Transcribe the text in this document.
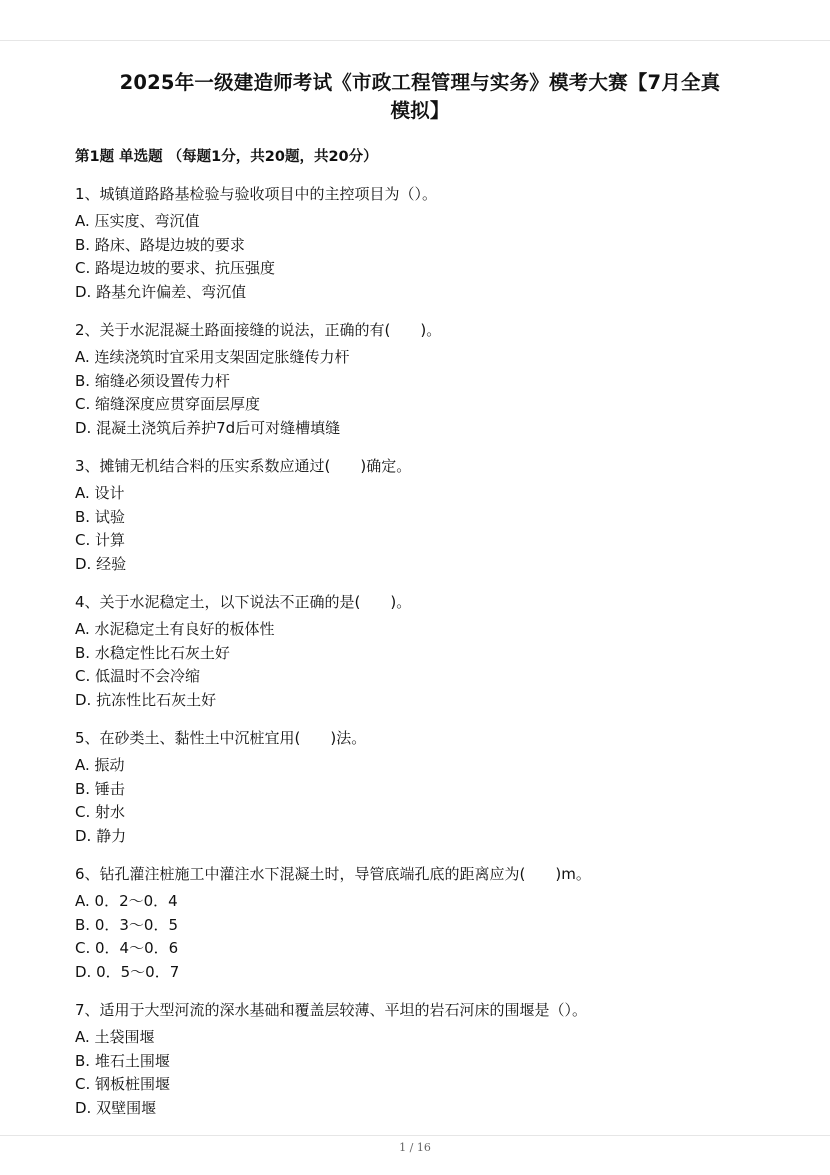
2025年一级建造师考试《市政工程管理与实务》模考大赛【7月全真
模拟】
第1题 单选题 （每题1分，共20题，共20分）
1、城镇道路路基检验与验收项目中的主控项目为（）。
A. 压实度、弯沉值
B. 路床、路堤边坡的要求
C. 路堤边坡的要求、抗压强度
D. 路基允许偏差、弯沉值
2、关于水泥混凝土路面接缝的说法，正确的有(　　)。
A. 连续浇筑时宜采用支架固定胀缝传力杆
B. 缩缝必须设置传力杆
C. 缩缝深度应贯穿面层厚度
D. 混凝土浇筑后养护7d后可对缝槽填缝
3、摊铺无机结合料的压实系数应通过(　　)确定。
A. 设计
B. 试验
C. 计算
D. 经验
4、关于水泥稳定土，以下说法不正确的是(　　)。
A. 水泥稳定土有良好的板体性
B. 水稳定性比石灰土好
C. 低温时不会冷缩
D. 抗冻性比石灰土好
5、在砂类土、黏性土中沉桩宜用(　　)法。
A. 振动
B. 锤击
C. 射水
D. 静力
6、钻孔灌注桩施工中灌注水下混凝土时，导管底端孔底的距离应为(　　)m。
A. 0．2～0．4
B. 0．3～0．5
C. 0．4～0．6
D. 0．5～0．7
7、适用于大型河流的深水基础和覆盖层较薄、平坦的岩石河床的围堰是（）。
A. 土袋围堰
B. 堆石土围堰
C. 钢板桩围堰
D. 双壁围堰
1 / 16
